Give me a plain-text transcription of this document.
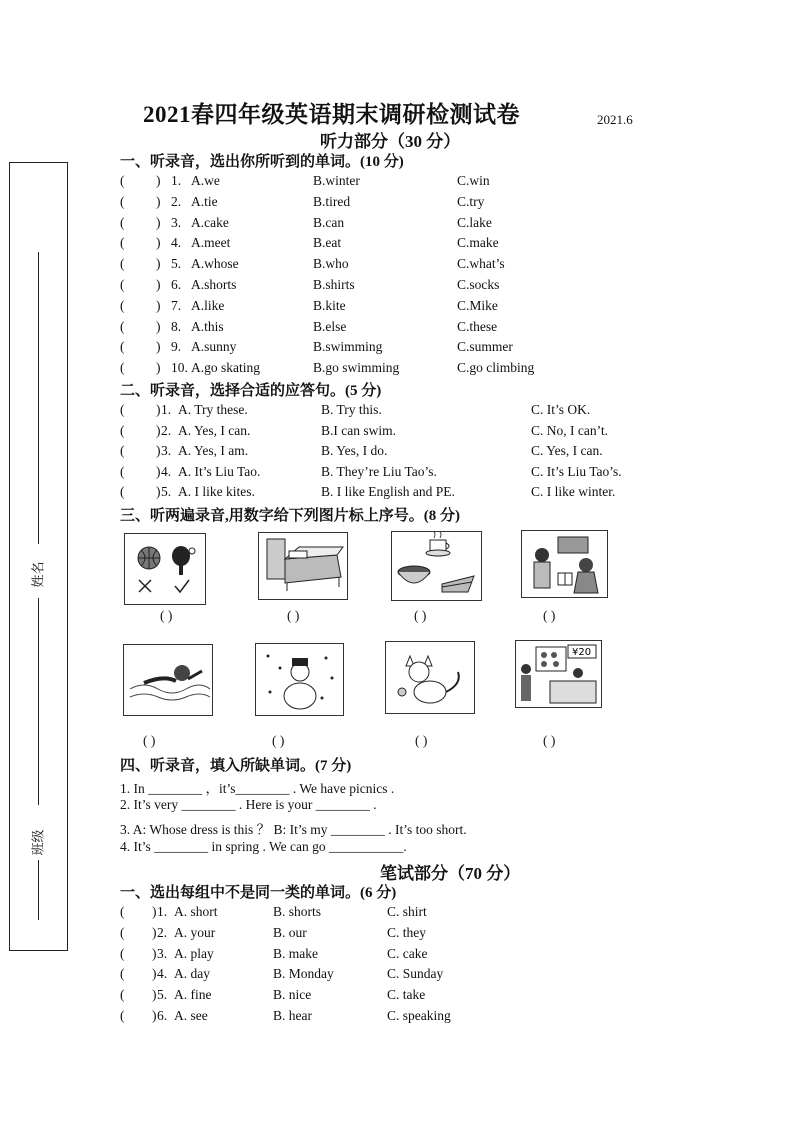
2021春四年级英语期末调研检测试卷	2021.6
听力部分（30 分）
姓名
班级
一、听录音，选出你所听到的单词。(10 分)
( ) 1. A.we	B.winter	C.win
( ) 2. A.tie	B.tired	C.try
( ) 3. A.cake	B.can	C.lake
( ) 4. A.meet	B.eat	C.make
( ) 5. A.whose	B.who	C.what’s
( ) 6. A.shorts	B.shirts	C.socks
( ) 7. A.like	B.kite	C.Mike
( ) 8. A.this	B.else	C.these
( ) 9. A.sunny	B.swimming	C.summer
( ) 10. A.go skating	B.go swimming	C.go climbing
二、听录音，选择合适的应答句。(5 分)
( ) 1. A. Try these.	B. Try this.	C. It’s OK.
( ) 2. A. Yes, I can.	B.I can swim.	C. No, I can’t.
( ) 3. A. Yes, I am.	B. Yes, I do.	C. Yes, I can.
( ) 4. A. It’s Liu Tao.	B. They’re Liu Tao’s.	C. It’s Liu Tao’s.
( ) 5. A. I like kites.	B. I like English and PE.	C. I like winter.
三、听两遍录音,用数字给下列图片标上序号。(8 分)
( )	( )	( )	( )
¥20
( )	( )	( )	( )
四、听录音，填入所缺单词。(7 分)
1. In ________ ，it’s________ . We have picnics .
2. It’s very ________ . Here is your ________ .
3. A: Whose dress is this ？ B: It’s my ________ . It’s too short.
4. It’s ________ in spring . We can go ___________.
笔试部分（70 分）
一、选出每组中不是同一类的单词。(6 分)
( ) 1. A. short	B. shorts	C. shirt
( ) 2. A. your	B. our	C. they
( ) 3. A. play	B. make	C. cake
( ) 4. A. day	B. Monday	C. Sunday
( ) 5. A. fine	B. nice	C. take
( ) 6. A. see	B. hear	C. speaking
